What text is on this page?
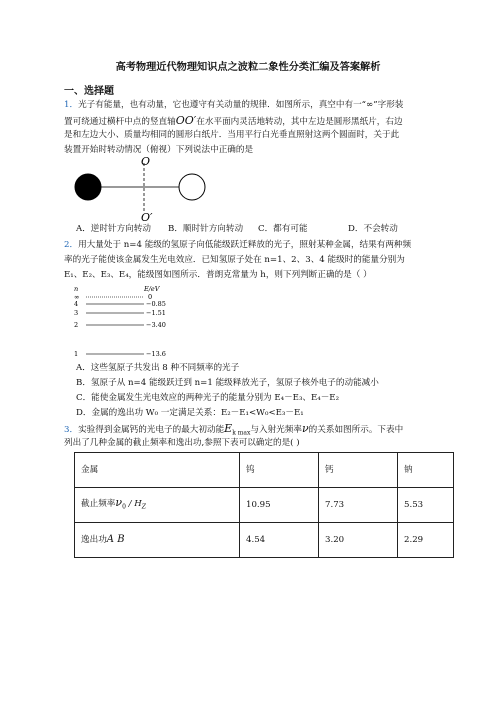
高考物理近代物理知识点之波粒二象性分类汇编及答案解析
一、选择题

1．光子有能量，也有动量，它也遵守有关动量的规律．如图所示，真空中有一“∞”字形装

置可绕通过横杆中点的竖直轴OO′在水平面内灵活地转动，其中左边是圆形黑纸片，右边

是和左边大小、质量均相同的圆形白纸片．当用平行白光垂直照射这两个圆面时，关于此

装置开始时转动情况（俯视）下列说法中正确的是

O
O′
A．逆时针方向转动 B．顺时针方向转动 C．都有可能	D．不会转动

2．用大量处于 n=4 能级的氢原子向低能级跃迁释放的光子，照射某种金属，结果有两种频

率的光子能使该金属发生光电效应．已知氢原子处在 n=1、2、3、4 能级时的能量分别为

E₁、E₂、E₃、E₄，能级图如图所示．普朗克常量为 h，则下列判断正确的是（ ）

n	E/eV
∞	0
4	−0.85
3	−1.51
2	−3.40
1	−13.6

A．这些氢原子共发出 8 种不同频率的光子

B．氢原子从 n=4 能级跃迁到 n=1 能级释放光子，氢原子核外电子的动能减小

C．能使金属发生光电效应的两种光子的能量分别为 E₄－E₃、E₄－E₂

D．金属的逸出功 W₀ 一定满足关系：E₂－E₁<W₀<E₃－E₁

3．实验得到金属钙的光电子的最大初动能$E_{k max}$与入射光频率ν的关系如图所示。下表中

列出了几种金属的截止频率和逸出功,参照下表可以确定的是( )

金属	钨	钙	钠
截止频率$\nu_0 / H_Z$	10.95	7.73	5.53
逸出功A B	4.54	3.20	2.29
